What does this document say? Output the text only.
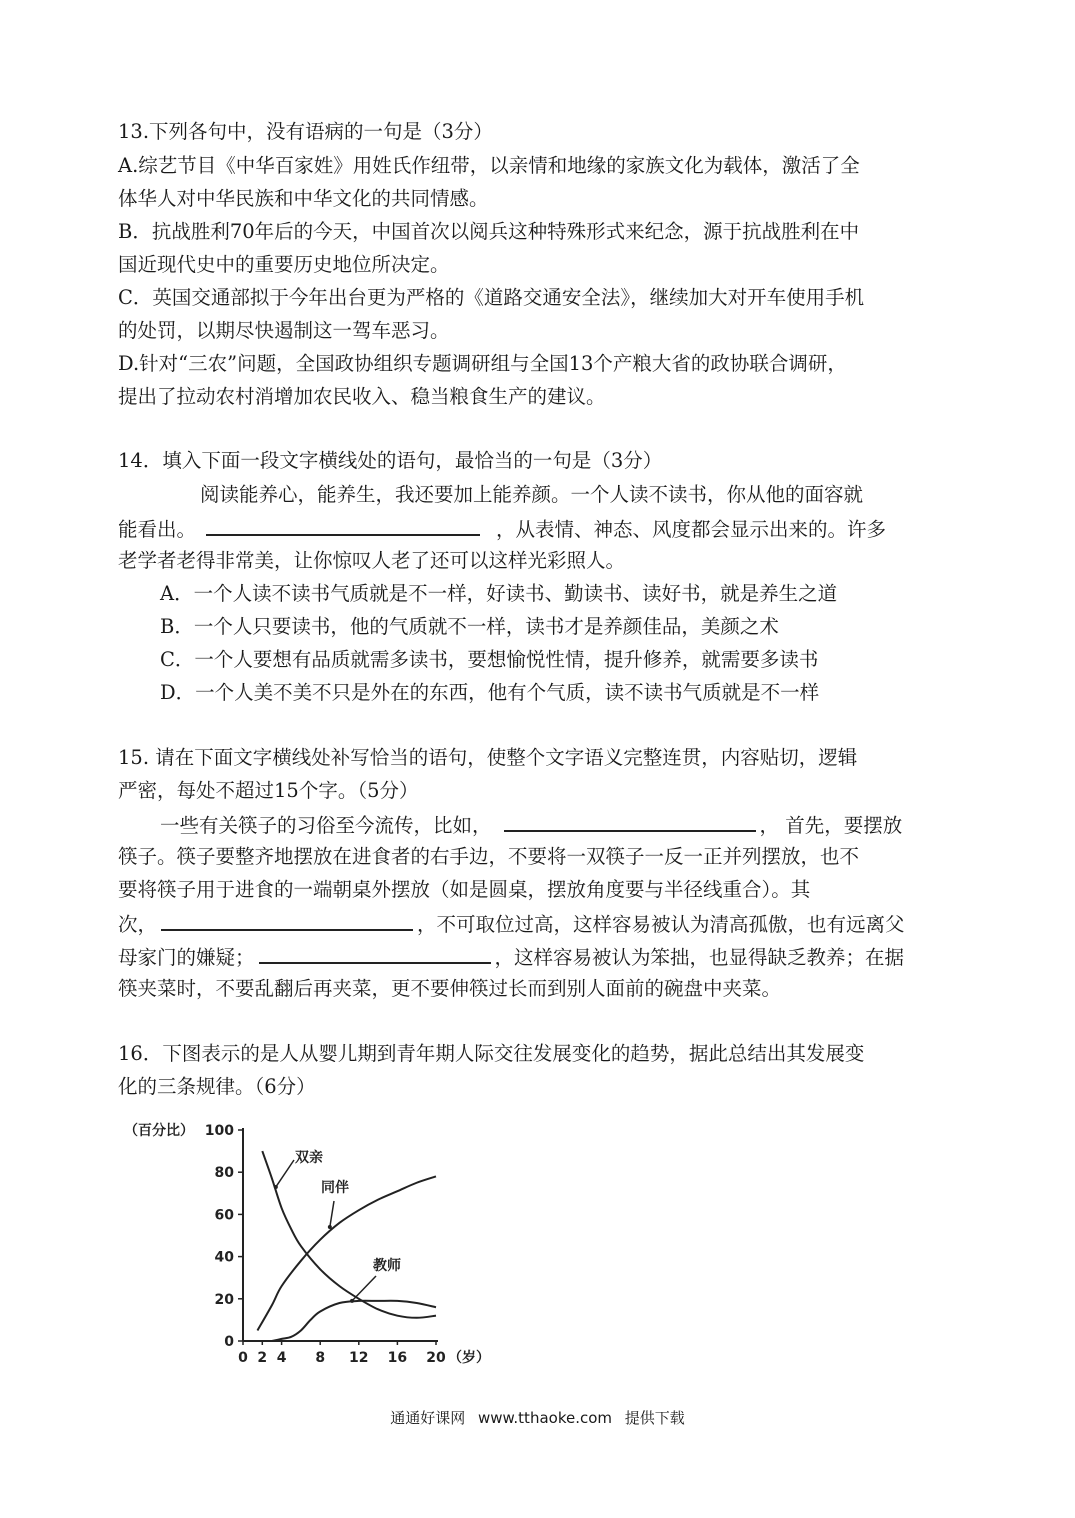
13.下列各句中，没有语病的一句是（3分）
A.综艺节目《中华百家姓》用姓氏作纽带，以亲情和地缘的家族文化为载体，激活了全
体华人对中华民族和中华文化的共同情感。
B．抗战胜利70年后的今天，中国首次以阅兵这种特殊形式来纪念，源于抗战胜利在中
国近现代史中的重要历史地位所决定。
C．英国交通部拟于今年出台更为严格的《道路交通安全法》，继续加大对开车使用手机
的处罚，以期尽快遏制这一驾车恶习。
D.针对“三农”问题，全国政协组织专题调研组与全国13个产粮大省的政协联合调研，
提出了拉动农村消增加农民收入、稳当粮食生产的建议。
14．填入下面一段文字横线处的语句，最恰当的一句是（3分）
阅读能养心，能养生，我还要加上能养颜。一个人读不读书，你从他的面容就
能看出。	，从表情、神态、风度都会显示出来的。许多
老学者老得非常美，让你惊叹人老了还可以这样光彩照人。
A．一个人读不读书气质就是不一样，好读书、勤读书、读好书，就是养生之道
B．一个人只要读书，他的气质就不一样，读书才是养颜佳品，美颜之术
C．一个人要想有品质就需多读书，要想愉悦性情，提升修养，就需要多读书
D．一个人美不美不只是外在的东西，他有个气质，读不读书气质就是不一样
15. 请在下面文字横线处补写恰当的语句，使整个文字语义完整连贯，内容贴切，逻辑
严密，每处不超过15个字。（5分）
一些有关筷子的习俗至今流传，比如，	， 首先，要摆放
筷子。筷子要整齐地摆放在进食者的右手边，不要将一双筷子一反一正并列摆放，也不
要将筷子用于进食的一端朝桌外摆放（如是圆桌，摆放角度要与半径线重合）。其
次，	，不可取位过高，这样容易被认为清高孤傲，也有远离父
母家门的嫌疑；	，这样容易被认为笨拙，也显得缺乏教养；在据
筷夹菜时，不要乱翻后再夹菜，更不要伸筷过长而到别人面前的碗盘中夹菜。
16．下图表示的是人从婴儿期到青年期人际交往发展变化的趋势，据此总结出其发展变
化的三条规律。（6分）
0
20
40
60
80
100
0 2 4 8 12 16 20
（百分比）
（岁）
双亲
同伴
教师
通通好课网 www.tthaoke.com 提供下载
